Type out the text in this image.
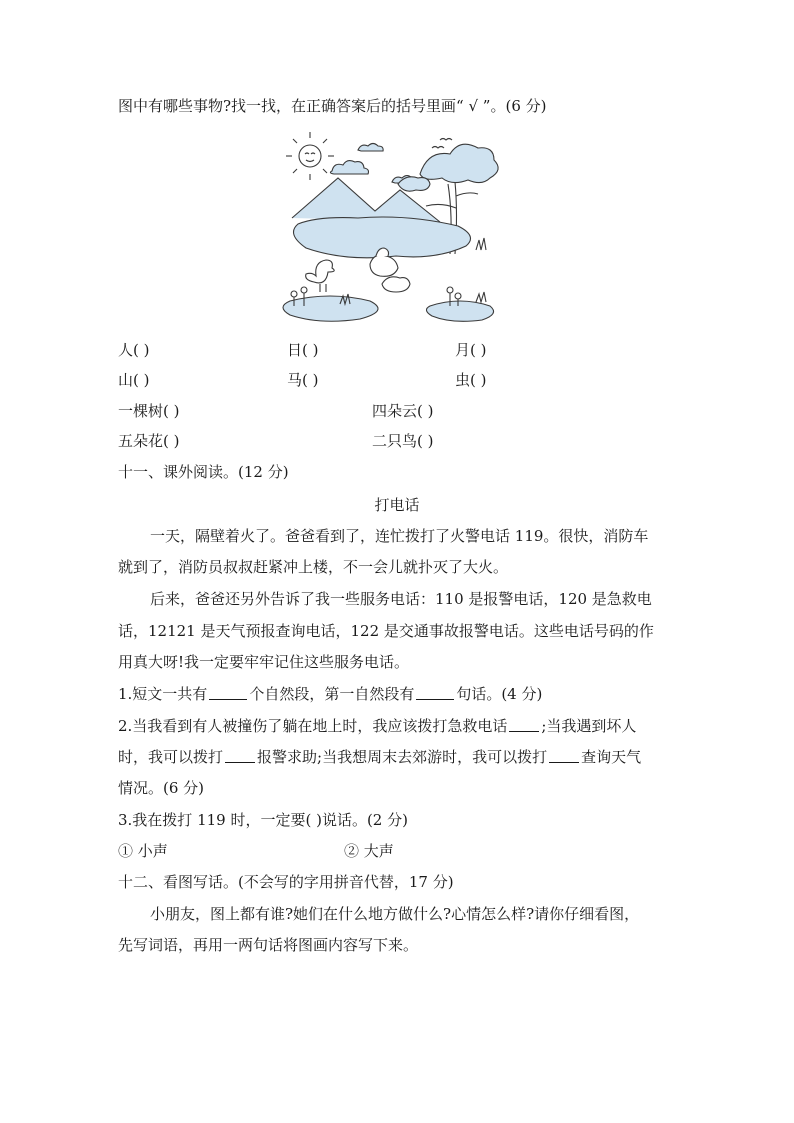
图中有哪些事物?找一找，在正确答案后的括号里画“ √ ”。(6 分)
人( )	日( )	月( )
山( )	马( )	虫( )
一棵树( )	四朵云( )
五朵花( )	二只鸟( )
十一、课外阅读。(12 分)
打电话
一天，隔壁着火了。爸爸看到了，连忙拨打了火警电话 119。很快，消防车
就到了，消防员叔叔赶紧冲上楼，不一会儿就扑灭了大火。
后来，爸爸还另外告诉了我一些服务电话：110 是报警电话，120 是急救电
话，12121 是天气预报查询电话，122 是交通事故报警电话。这些电话号码的作
用真大呀!我一定要牢牢记住这些服务电话。
1.短文一共有	个自然段，第一自然段有	句话。(4 分)
2.当我看到有人被撞伤了躺在地上时，我应该拨打急救电话 ;当我遇到坏人
时，我可以拨打 报警求助;当我想周末去郊游时，我可以拨打 查询天气
情况。(6 分)
3.我在拨打 119 时，一定要( )说话。(2 分)
① 小声	② 大声
十二、看图写话。(不会写的字用拼音代替，17 分)
小朋友，图上都有谁?她们在什么地方做什么?心情怎么样?请你仔细看图，
先写词语，再用一两句话将图画内容写下来。
